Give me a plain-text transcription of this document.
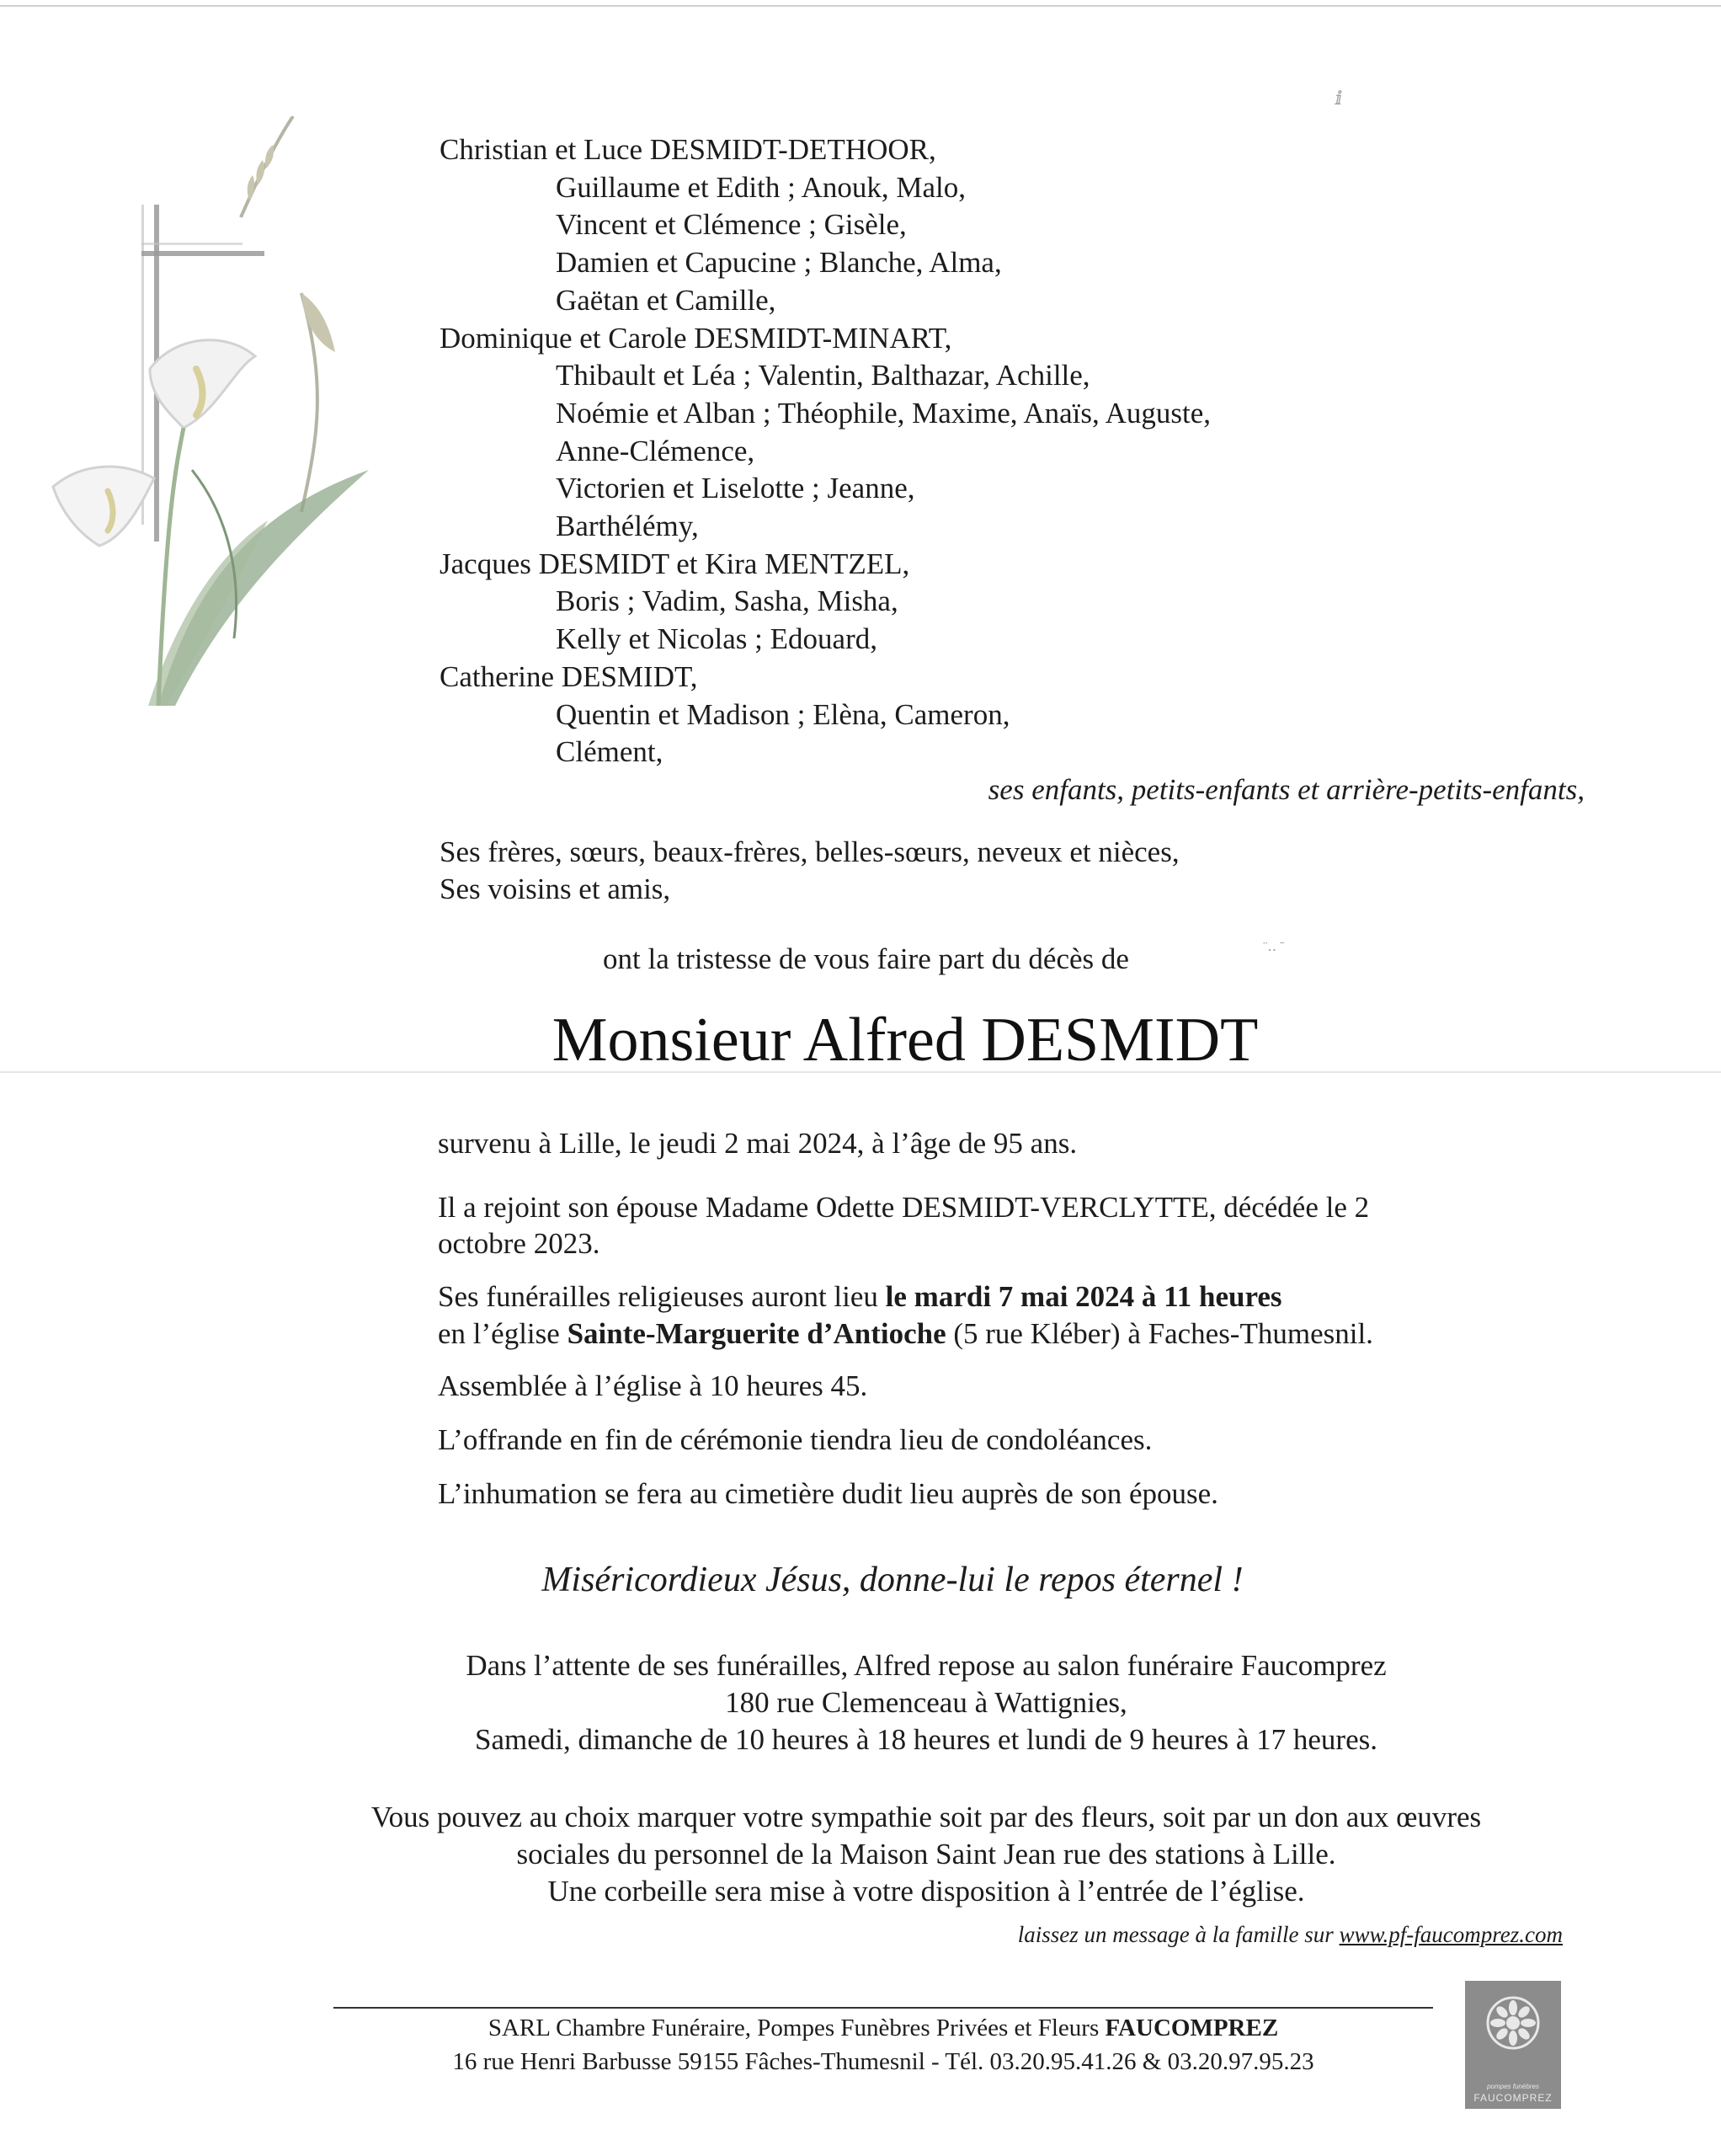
ⅈ
¨‥ ˉ
Christian et Luce DESMIDT-DETHOOR,
Guillaume et Edith ; Anouk, Malo,
Vincent et Clémence ; Gisèle,
Damien et Capucine ; Blanche, Alma,
Gaëtan et Camille,
Dominique et Carole DESMIDT-MINART,
Thibault et Léa ; Valentin, Balthazar, Achille,
Noémie et Alban ; Théophile, Maxime, Anaïs, Auguste,
Anne-Clémence,
Victorien et Liselotte ; Jeanne,
Barthélémy,
Jacques DESMIDT et Kira MENTZEL,
Boris ; Vadim, Sasha, Misha,
Kelly et Nicolas ; Edouard,
Catherine DESMIDT,
Quentin et Madison ; Elèna, Cameron,
Clément,
ses enfants, petits-enfants et arrière-petits-enfants,
Ses frères, sœurs, beaux-frères, belles-sœurs, neveux et nièces,
Ses voisins et amis,
ont la tristesse de vous faire part du décès de
Monsieur Alfred DESMIDT
survenu à Lille, le jeudi 2 mai 2024, à l’âge de 95 ans.
Il a rejoint son épouse Madame Odette DESMIDT-VERCLYTTE, décédée le 2
octobre 2023.
Ses funérailles religieuses auront lieu le mardi 7 mai 2024 à 11 heures
en l’église Sainte-Marguerite d’Antioche (5 rue Kléber) à Faches-Thumesnil.
Assemblée à l’église à 10 heures 45.
L’offrande en fin de cérémonie tiendra lieu de condoléances.
L’inhumation se fera au cimetière dudit lieu auprès de son épouse.
Miséricordieux Jésus, donne-lui le repos éternel !
Dans l’attente de ses funérailles, Alfred repose au salon funéraire Faucomprez
180 rue Clemenceau à Wattignies,
Samedi, dimanche de 10 heures à 18 heures et lundi de 9 heures à 17 heures.
Vous pouvez au choix marquer votre sympathie soit par des fleurs, soit par un don aux œuvres
sociales du personnel de la Maison Saint Jean rue des stations à Lille.
Une corbeille sera mise à votre disposition à l’entrée de l’église.
laissez un message à la famille sur www.pf-faucomprez.com
SARL Chambre Funéraire, Pompes Funèbres Privées et Fleurs FAUCOMPREZ
16 rue Henri Barbusse 59155 Fâches-Thumesnil - Tél. 03.20.95.41.26 & 03.20.97.95.23
pompes funèbres
FAUCOMPREZ
